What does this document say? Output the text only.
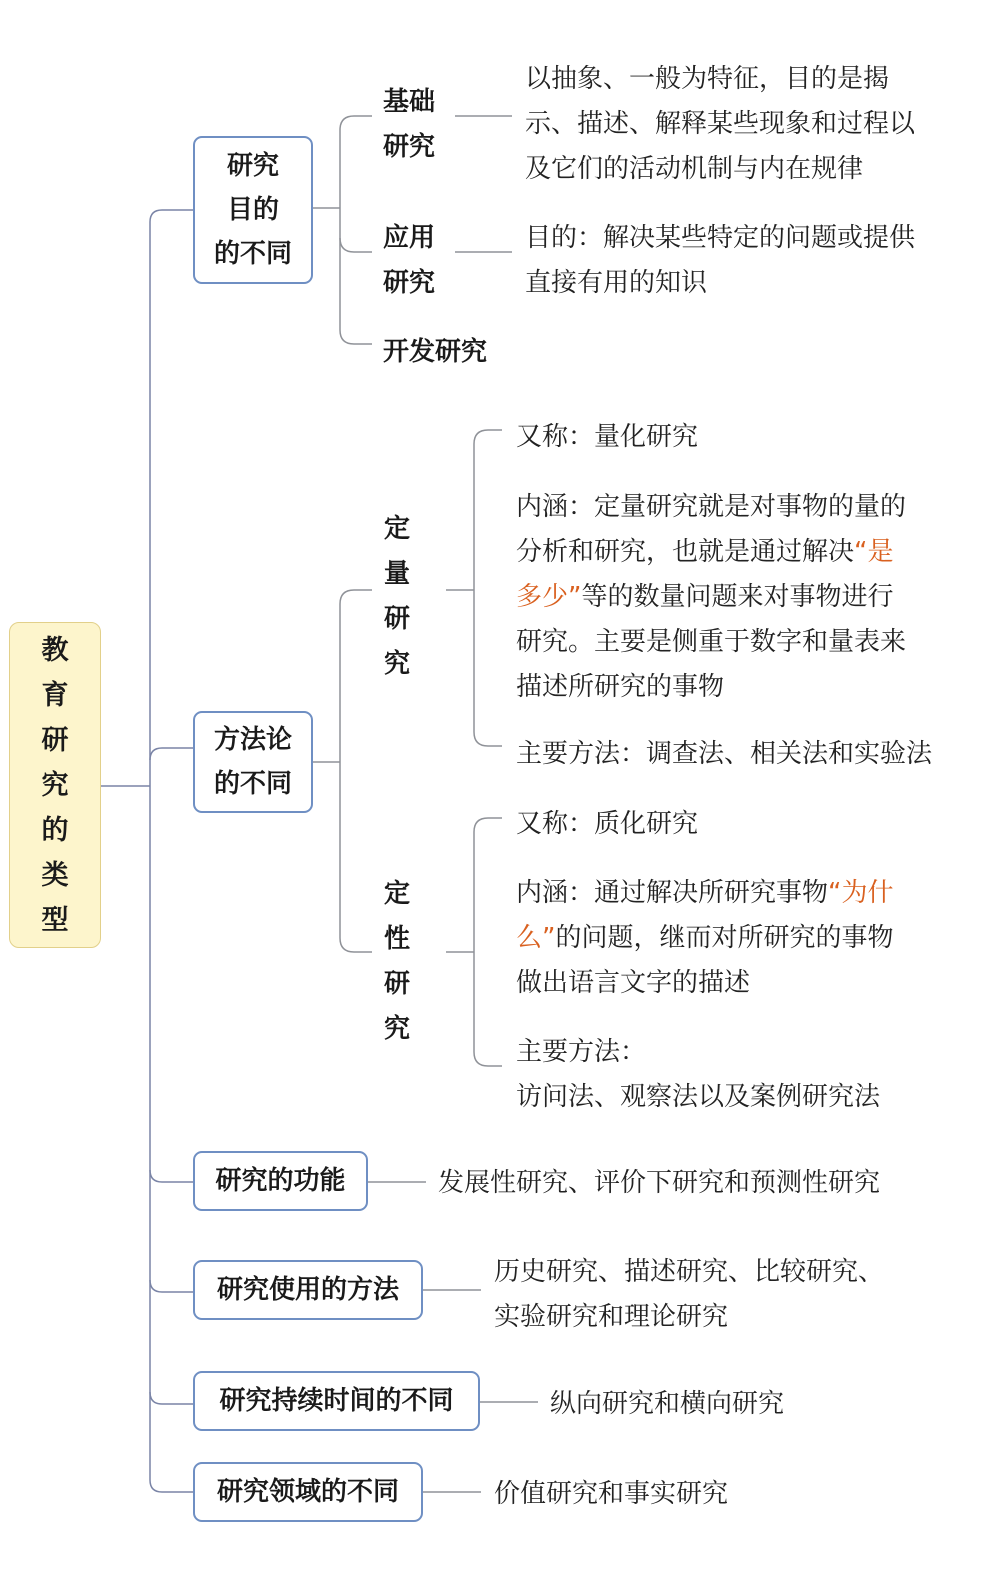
教
育
研
究
的
类
型
研究
目的
的不同
基础
研究
以抽象、一般为特征，目的是揭
示、描述、解释某些现象和过程以
及它们的活动机制与内在规律
应用
研究
目的：解决某些特定的问题或提供
直接有用的知识
开发研究
方法论
的不同
定
量
研
究
又称：量化研究
内涵：定量研究就是对事物的量的
分析和研究，也就是通过解决“是
多少”等的数量问题来对事物进行
研究。主要是侧重于数字和量表来
描述所研究的事物
主要方法：调查法、相关法和实验法
定
性
研
究
又称：质化研究
内涵：通过解决所研究事物“为什
么”的问题，继而对所研究的事物
做出语言文字的描述
主要方法：
访问法、观察法以及案例研究法
研究的功能	发展性研究、评价下研究和预测性研究
研究使用的方法
历史研究、描述研究、比较研究、
实验研究和理论研究
研究持续时间的不同	纵向研究和横向研究
研究领域的不同	价值研究和事实研究
